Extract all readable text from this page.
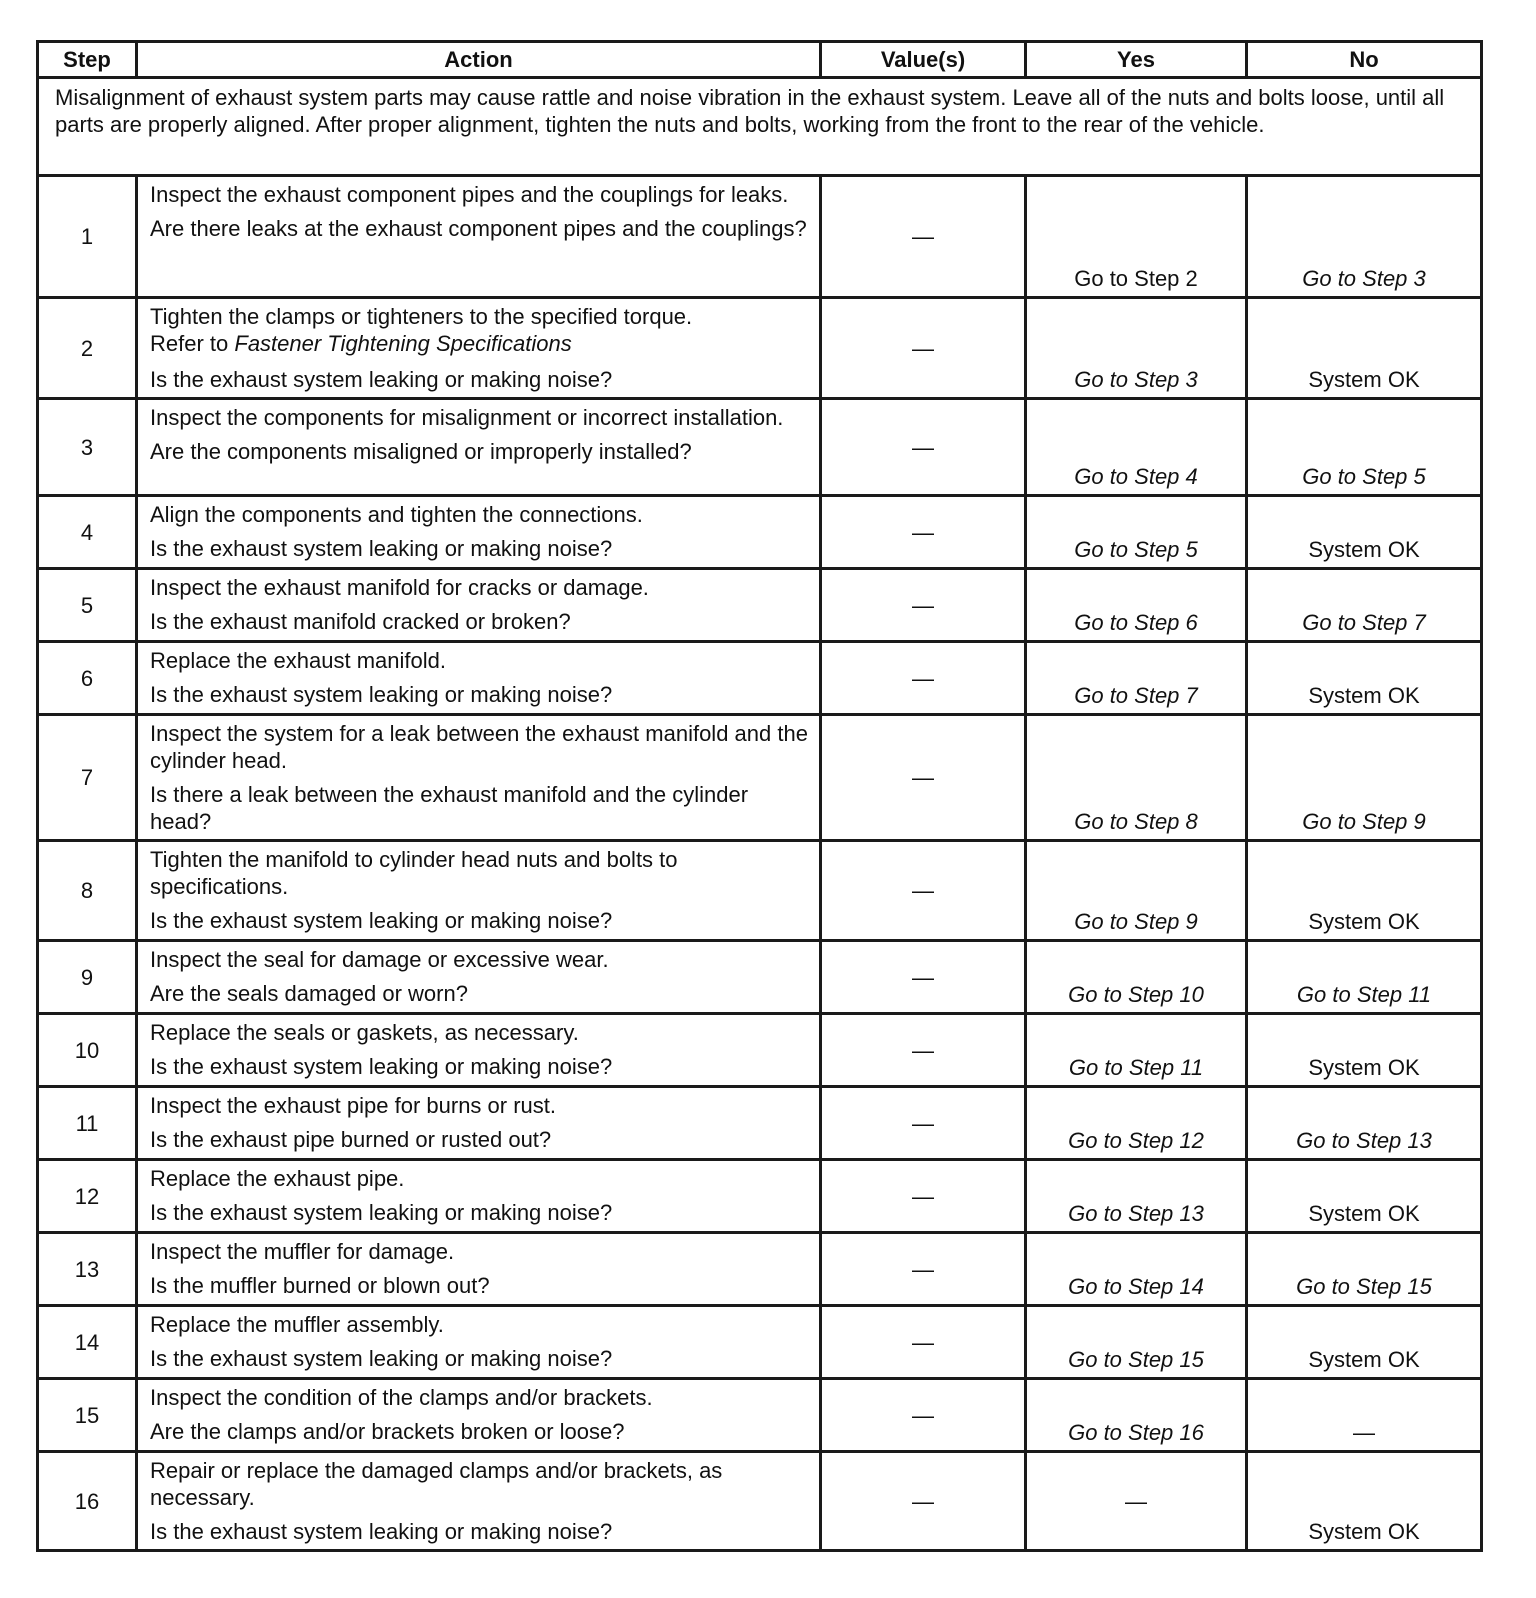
Step	Action	Value(s)	Yes	No
Misalignment of exhaust system parts may cause rattle and noise vibration in the exhaust system. Leave all of the nuts and bolts loose, until all parts are properly aligned. After proper alignment, tighten the nuts and bolts, working from the front to the rear of the vehicle.				
1	Inspect the exhaust component pipes and the couplings for leaks.
Are there leaks at the exhaust component pipes and the couplings?	—	Go to Step 2	Go to Step 3
2	Tighten the clamps or tighteners to the specified torque.
Refer to Fastener Tightening Specifications
Is the exhaust system leaking or making noise?	—	Go to Step 3	System OK
3	Inspect the components for misalignment or incorrect installation.
Are the components misaligned or improperly installed?	—	Go to Step 4	Go to Step 5
4	Align the components and tighten the connections.
Is the exhaust system leaking or making noise?	—	Go to Step 5	System OK
5	Inspect the exhaust manifold for cracks or damage.
Is the exhaust manifold cracked or broken?	—	Go to Step 6	Go to Step 7
6	Replace the exhaust manifold.
Is the exhaust system leaking or making noise?	—	Go to Step 7	System OK
7	Inspect the system for a leak between the exhaust manifold and the cylinder head.
Is there a leak between the exhaust manifold and the cylinder head?	—	Go to Step 8	Go to Step 9
8	Tighten the manifold to cylinder head nuts and bolts to specifications.
Is the exhaust system leaking or making noise?	—	Go to Step 9	System OK
9	Inspect the seal for damage or excessive wear.
Are the seals damaged or worn?	—	Go to Step 10	Go to Step 11
10	Replace the seals or gaskets, as necessary.
Is the exhaust system leaking or making noise?	—	Go to Step 11	System OK
11	Inspect the exhaust pipe for burns or rust.
Is the exhaust pipe burned or rusted out?	—	Go to Step 12	Go to Step 13
12	Replace the exhaust pipe.
Is the exhaust system leaking or making noise?	—	Go to Step 13	System OK
13	Inspect the muffler for damage.
Is the muffler burned or blown out?	—	Go to Step 14	Go to Step 15
14	Replace the muffler assembly.
Is the exhaust system leaking or making noise?	—	Go to Step 15	System OK
15	Inspect the condition of the clamps and/or brackets.
Are the clamps and/or brackets broken or loose?	—	Go to Step 16	—
16	Repair or replace the damaged clamps and/or brackets, as necessary.
Is the exhaust system leaking or making noise?	—	—	System OK
